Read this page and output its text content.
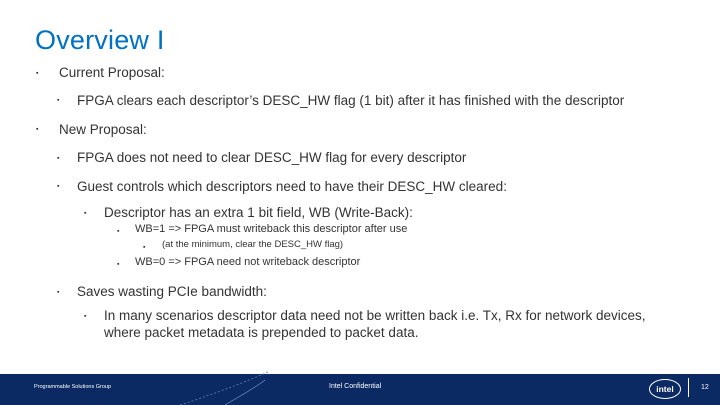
Overview I
▪ Current Proposal:
▪ FPGA clears each descriptor’s DESC_HW flag (1 bit) after it has finished with the descriptor
▪ New Proposal:
▪ FPGA does not need to clear DESC_HW flag for every descriptor
▪ Guest controls which descriptors need to have their DESC_HW cleared:
▪ Descriptor has an extra 1 bit field, WB (Write-Back):
▪ WB=1 => FPGA must writeback this descriptor after use
▪ (at the minimum, clear the DESC_HW flag)
▪ WB=0 => FPGA need not writeback descriptor
▪ Saves wasting PCIe bandwidth:
▪ In many scenarios descriptor data need not be written back i.e. Tx, Rx for network devices,
where packet metadata is prepended to packet data.
Programmable Solutions Group	Intel Confidential	12
intel
